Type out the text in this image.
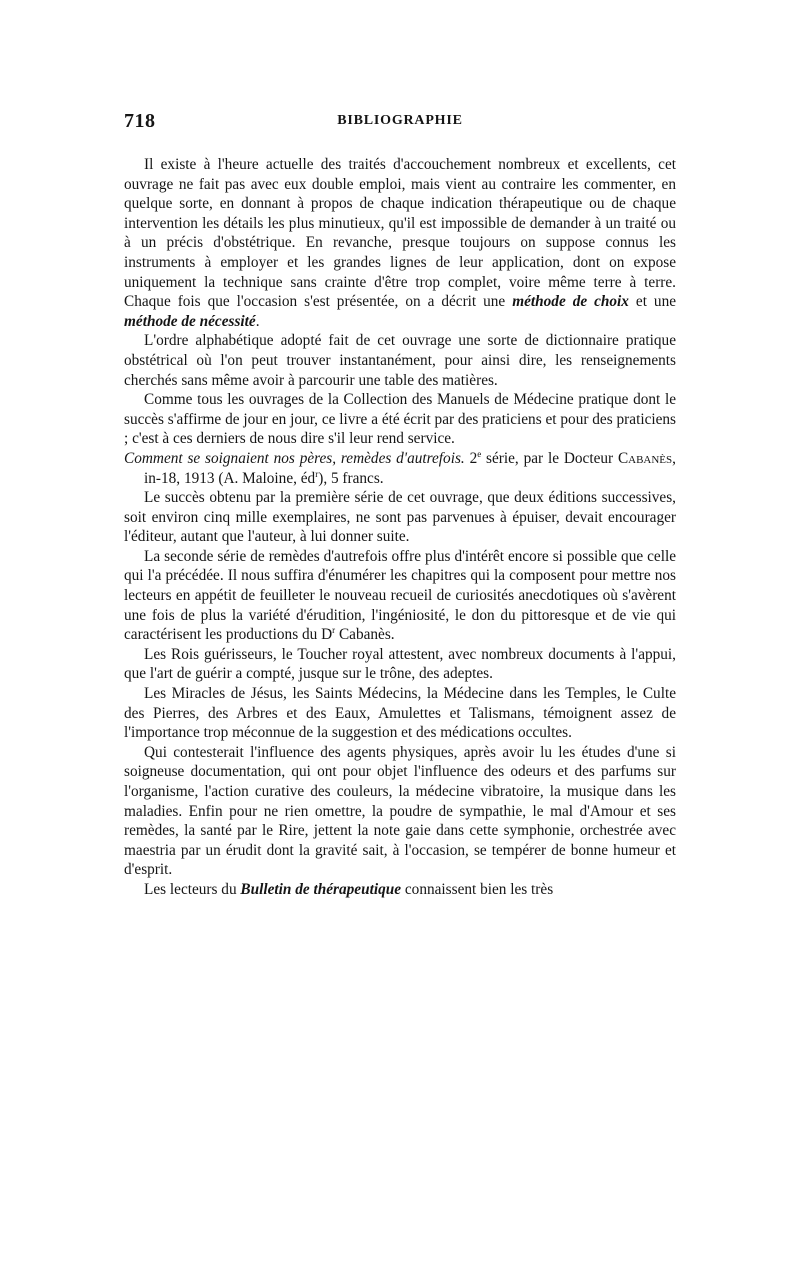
718	BIBLIOGRAPHIE

Il existe à l'heure actuelle des traités d'accouchement nombreux et excellents, cet ouvrage ne fait pas avec eux double emploi, mais vient au contraire les commenter, en quelque sorte, en donnant à propos de chaque indication thérapeutique ou de chaque intervention les détails les plus minutieux, qu'il est impossible de demander à un traité ou à un précis d'obstétrique. En revanche, presque toujours on suppose connus les instruments à employer et les grandes lignes de leur application, dont on expose uniquement la technique sans crainte d'être trop complet, voire même terre à terre. Chaque fois que l'occasion s'est présentée, on a décrit une méthode de choix et une méthode de nécessité.

L'ordre alphabétique adopté fait de cet ouvrage une sorte de dictionnaire pratique obstétrical où l'on peut trouver instantanément, pour ainsi dire, les renseignements cherchés sans même avoir à parcourir une table des matières.

Comme tous les ouvrages de la Collection des Manuels de Médecine pratique dont le succès s'affirme de jour en jour, ce livre a été écrit par des praticiens et pour des praticiens ; c'est à ces derniers de nous dire s'il leur rend service.

Comment se soignaient nos pères, remèdes d'autrefois. 2e série, par le Docteur Cabanès, in-18, 1913 (A. Maloine, $éd^r$), 5 francs.

Le succès obtenu par la première série de cet ouvrage, que deux éditions successives, soit environ cinq mille exemplaires, ne sont pas parvenues à épuiser, devait encourager l'éditeur, autant que l'auteur, à lui donner suite.

La seconde série de remèdes d'autrefois offre plus d'intérêt encore si possible que celle qui l'a précédée. Il nous suffira d'énumérer les chapitres qui la composent pour mettre nos lecteurs en appétit de feuilleter le nouveau recueil de curiosités anecdotiques où s'avèrent une fois de plus la variété d'érudition, l'ingéniosité, le don du pittoresque et de vie qui caractérisent les productions du $D^r$ Cabanès.

Les Rois guérisseurs, le Toucher royal attestent, avec nombreux documents à l'appui, que l'art de guérir a compté, jusque sur le trône, des adeptes.

Les Miracles de Jésus, les Saints Médecins, la Médecine dans les Temples, le Culte des Pierres, des Arbres et des Eaux, Amulettes et Talismans, témoignent assez de l'importance trop méconnue de la suggestion et des médications occultes.

Qui contesterait l'influence des agents physiques, après avoir lu les études d'une si soigneuse documentation, qui ont pour objet l'influence des odeurs et des parfums sur l'organisme, l'action curative des couleurs, la médecine vibratoire, la musique dans les maladies. Enfin pour ne rien omettre, la poudre de sympathie, le mal d'Amour et ses remèdes, la santé par le Rire, jettent la note gaie dans cette symphonie, orchestrée avec maestria par un érudit dont la gravité sait, à l'occasion, se tempérer de bonne humeur et d'esprit.

Les lecteurs du Bulletin de thérapeutique connaissent bien les très
